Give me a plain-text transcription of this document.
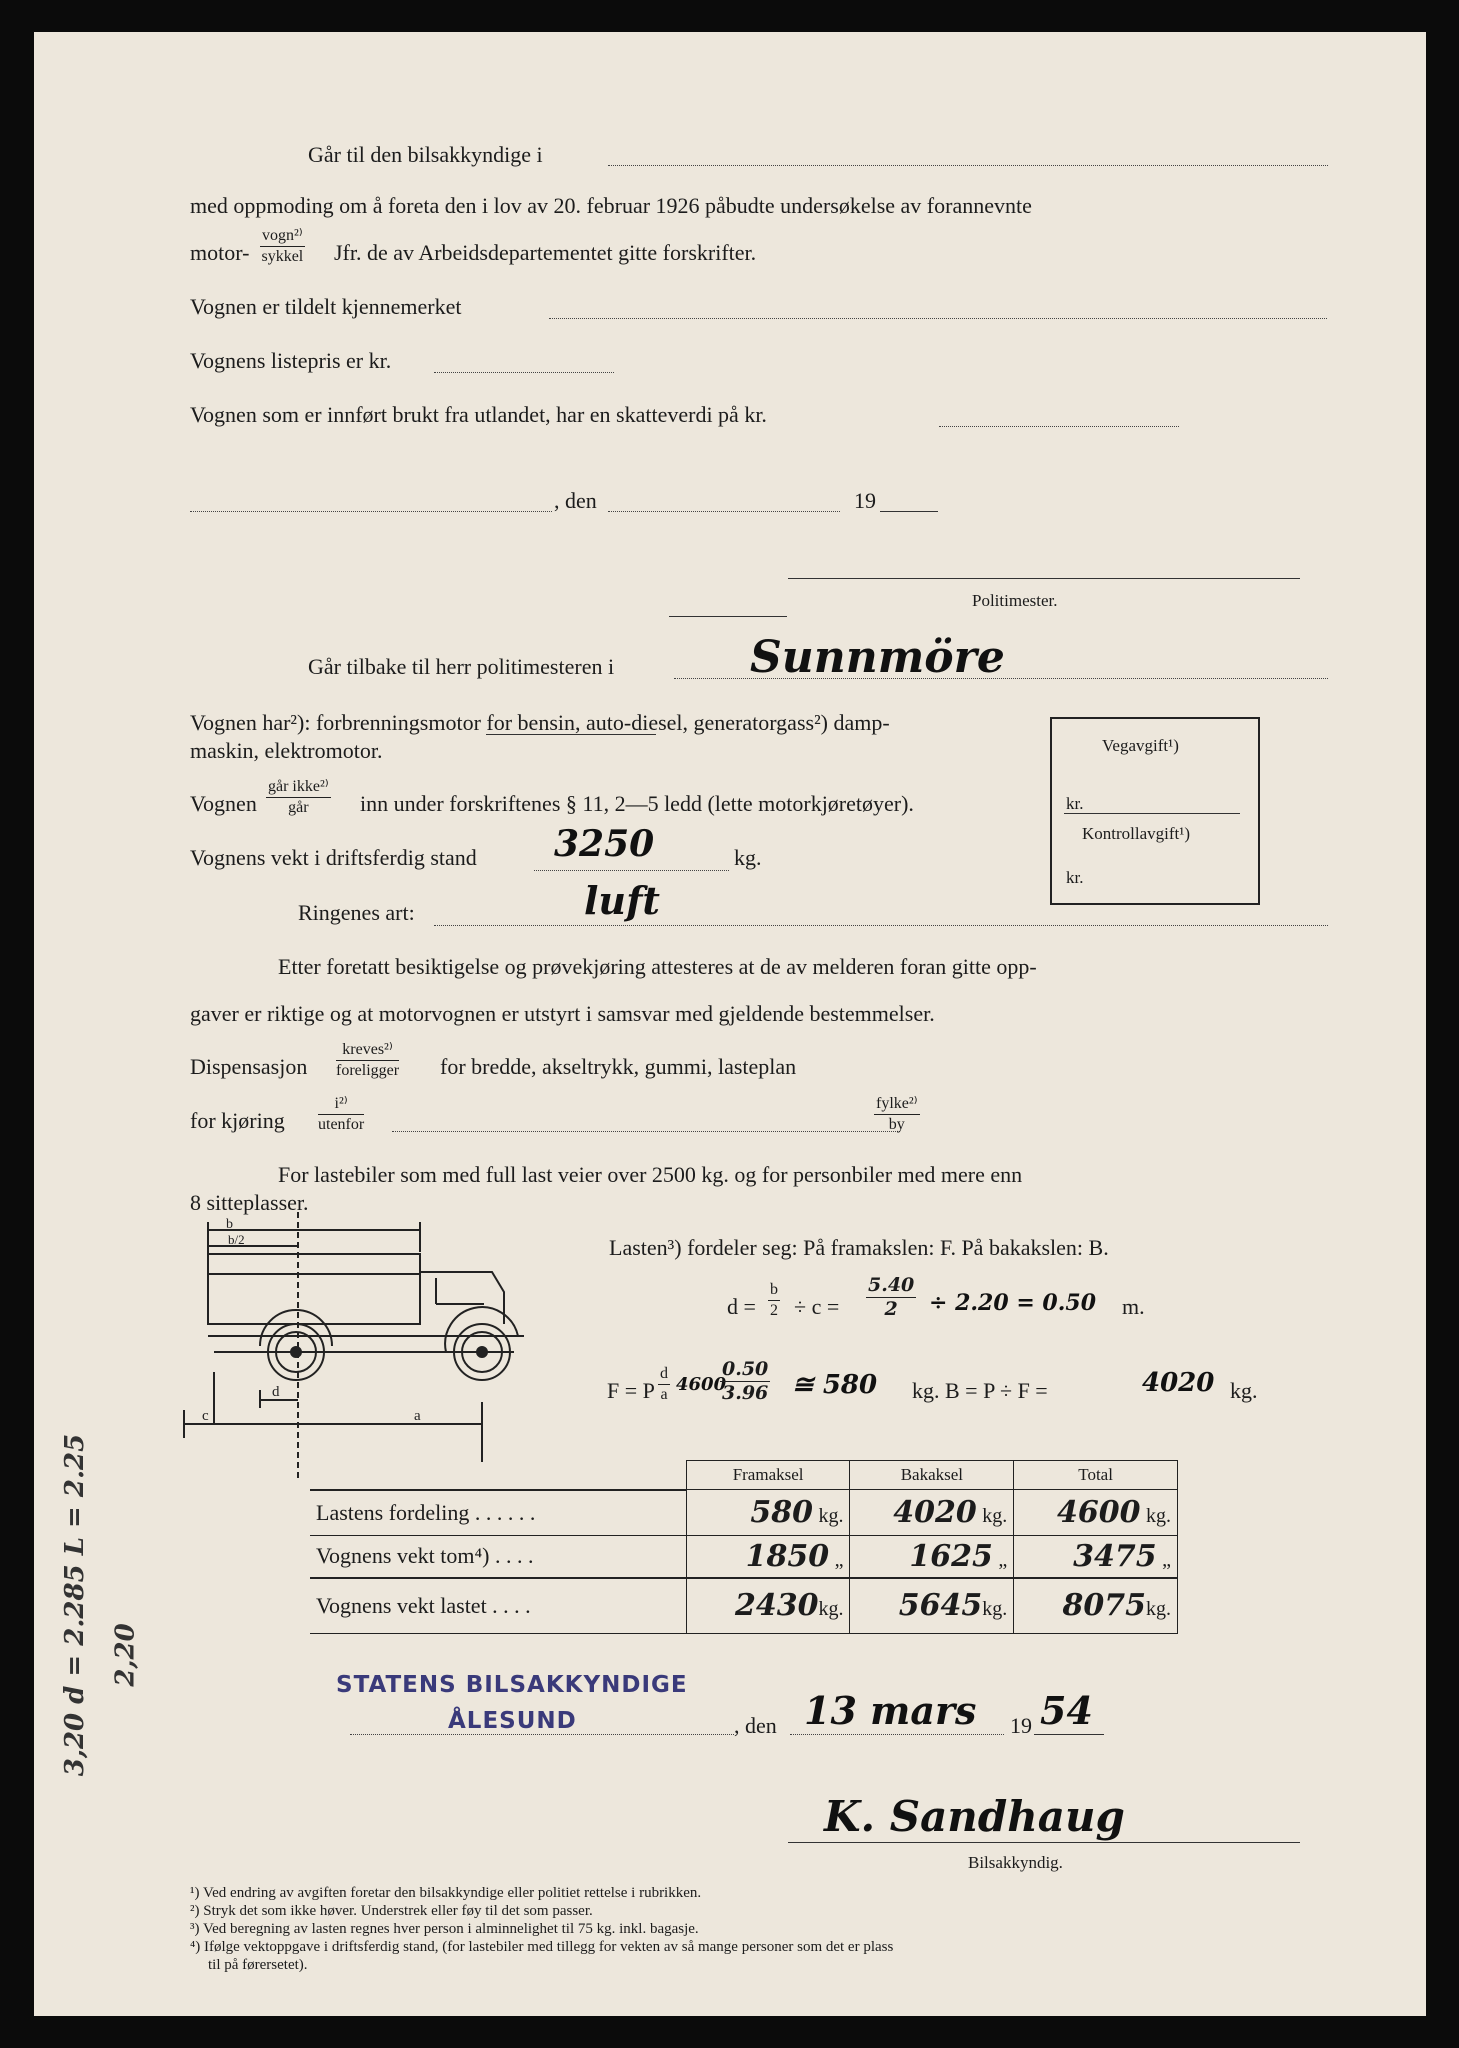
Går til den bilsakkyndige i
med oppmoding om å foreta den i lov av 20. februar 1926 påbudte undersøkelse av forannevnte
motor-
vogn²⁾
sykkel Jfr. de av Arbeidsdepartementet gitte forskrifter.
Vognen er tildelt kjennemerket
Vognens listepris er kr.
Vognen som er innført brukt fra utlandet, har en skatteverdi på kr.
, den	19
Politimester.
Går tilbake til herr politimesteren i	Sunnmöre
Vognen har²): forbrenningsmotor for bensin, auto-diesel, generatorgass²) damp-
maskin, elektromotor.
Vognen
går ikke²⁾
går	inn under forskriftenes § 11, 2—5 ledd (lette motorkjøretøyer).
Vognens vekt i driftsferdig stand 3250	kg.
Vegavgift¹)
kr.
Kontrollavgift¹)
kr.
Ringenes art:	luft
Etter foretatt besiktigelse og prøvekjøring attesteres at de av melderen foran gitte opp-
gaver er riktige og at motorvognen er utstyrt i samsvar med gjeldende bestemmelser.
Dispensasjon
kreves²⁾
foreligger for bredde, akseltrykk, gummi, lasteplan
for kjøring
i²⁾
utenfor
fylke²⁾
by
For lastebiler som med full last veier over 2500 kg. og for personbiler med mere enn
8 sitteplasser.
b
b/2
d
c	a
Lasten³) fordeler seg: På framakslen: F. På bakakslen: B.
$d = \frac{b}{2} \div c = \frac{5.40}{2} \div 2.20 = 0.50$ m.
F = P $\frac{d}{a} 4600$
$\frac{0.50}{3.96}$ ≅ 580 kg. B = P ÷ F =	4020 kg.
	Framaksel	Bakaksel	Total
Lastens fordeling . . . . . .	580 kg.	4020 kg.	4600 kg.
Vognens vekt tom⁴) . . . .	1850 „	1625 „	3475 „
Vognens vekt lastet . . . .	2430kg.	5645kg.	8075kg.
STATENS BILSAKKYNDIGE
ÅLESUND	, den 13 mars 19 54
K. Sandhaug
Bilsakkyndig.
3,20 d = 2.285 L = 2.25 2,20
¹) Ved endring av avgiften foretar den bilsakkyndige eller politiet rettelse i rubrikken.
²) Stryk det som ikke høver. Understrek eller føy til det som passer.
³) Ved beregning av lasten regnes hver person i alminnelighet til 75 kg. inkl. bagasje.
⁴) Ifølge vektoppgave i driftsferdig stand, (for lastebiler med tillegg for vekten av så mange personer som det er plass
til på førersetet).
